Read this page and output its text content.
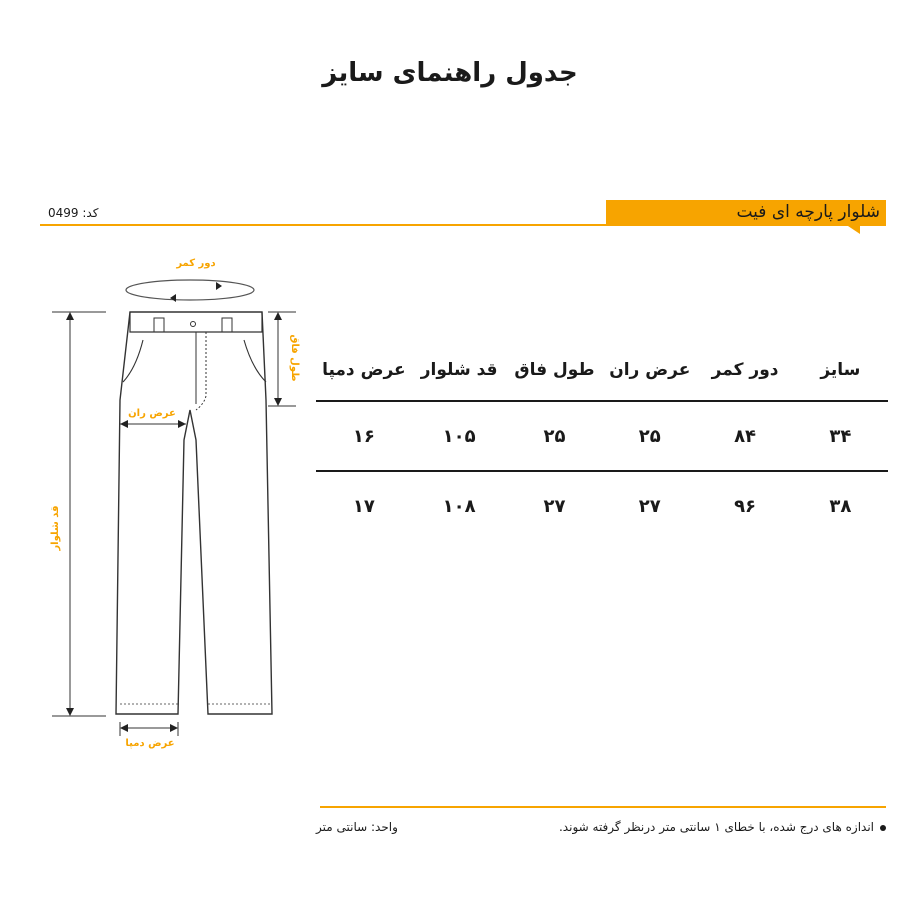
جدول راهنمای سایز
کد: 0499	شلوار پارچه ای فیت
دور کمر
قد شلوار
طول فاق
عرض ران
عرض دمپا
سایز
دور کمر
عرض ران
طول فاق
قد شلوار
عرض دمپا
۳۴
۸۴
۲۵
۲۵
۱۰۵
۱۶
۳۸
۹۶
۲۷
۲۷
۱۰۸
۱۷
اندازه های درج شده، با خطای ۱ سانتی متر درنظر گرفته شوند.
واحد: سانتی متر
